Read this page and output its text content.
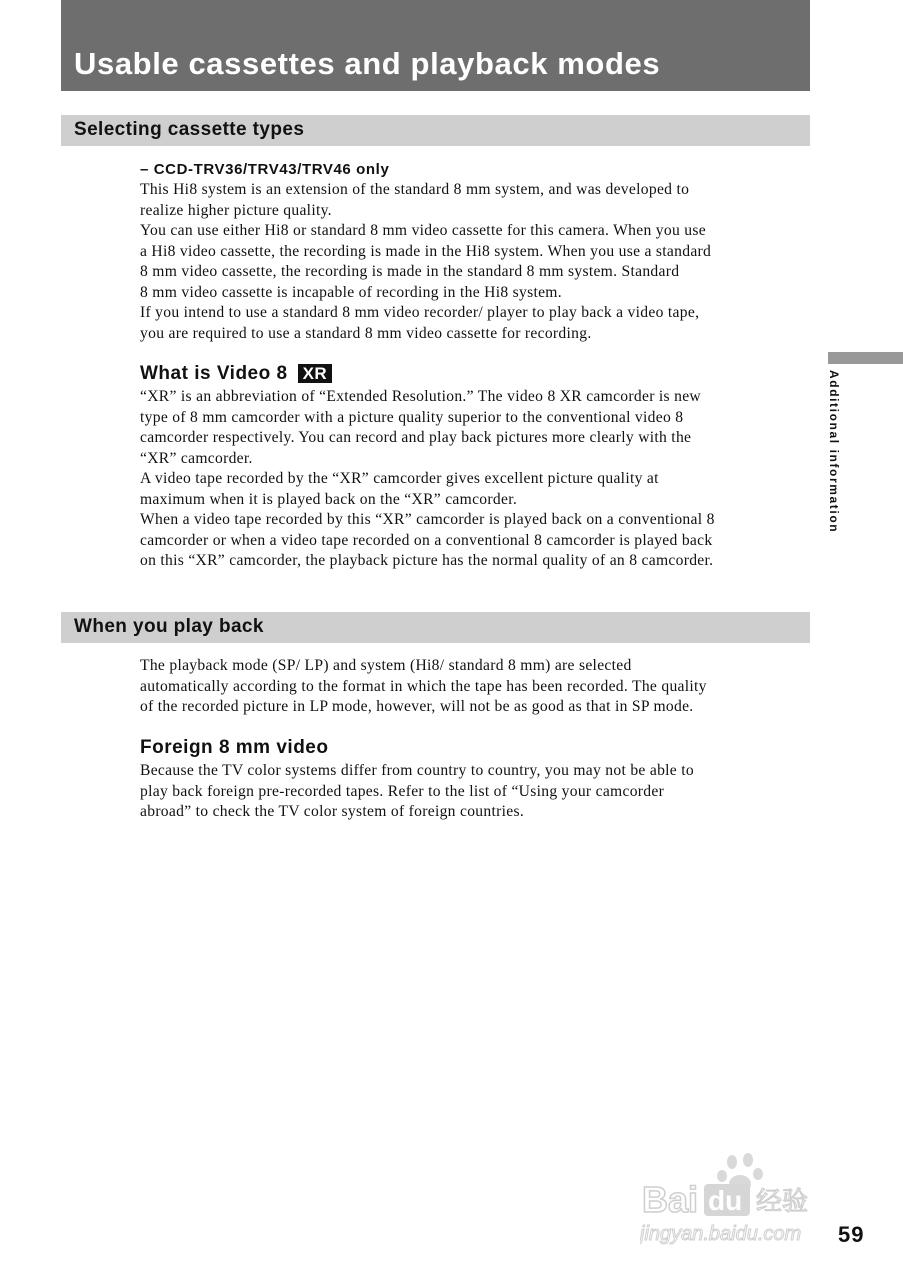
Usable cassettes and playback modes
Selecting cassette types

– CCD-TRV36/TRV43/TRV46 only

This Hi8 system is an extension of the standard 8 mm system, and was developed to
realize higher picture quality.
You can use either Hi8 or standard 8 mm video cassette for this camera. When you use
a Hi8 video cassette, the recording is made in the Hi8 system. When you use a standard
8 mm video cassette, the recording is made in the standard 8 mm system. Standard
8 mm video cassette is incapable of recording in the Hi8 system.
If you intend to use a standard 8 mm video recorder/ player to play back a video tape,
you are required to use a standard 8 mm video cassette for recording.
What is Video 8 XR
“XR” is an abbreviation of “Extended Resolution.” The video 8 XR camcorder is new
type of 8 mm camcorder with a picture quality superior to the conventional video 8
camcorder respectively. You can record and play back pictures more clearly with the
“XR” camcorder.
A video tape recorded by the “XR” camcorder gives excellent picture quality at
maximum when it is played back on the “XR” camcorder.
When a video tape recorded by this “XR” camcorder is played back on a conventional 8
camcorder or when a video tape recorded on a conventional 8 camcorder is played back
on this “XR” camcorder, the playback picture has the normal quality of an 8 camcorder.
When you play back
The playback mode (SP/ LP) and system (Hi8/ standard 8 mm) are selected
automatically according to the format in which the tape has been recorded. The quality
of the recorded picture in LP mode, however, will not be as good as that in SP mode.
Foreign 8 mm video
Because the TV color systems differ from country to country, you may not be able to
play back foreign pre-recorded tapes. Refer to the list of “Using your camcorder
abroad” to check the TV color system of foreign countries.
Additional information
Bai du 经验
jingyan.baidu.com 59
